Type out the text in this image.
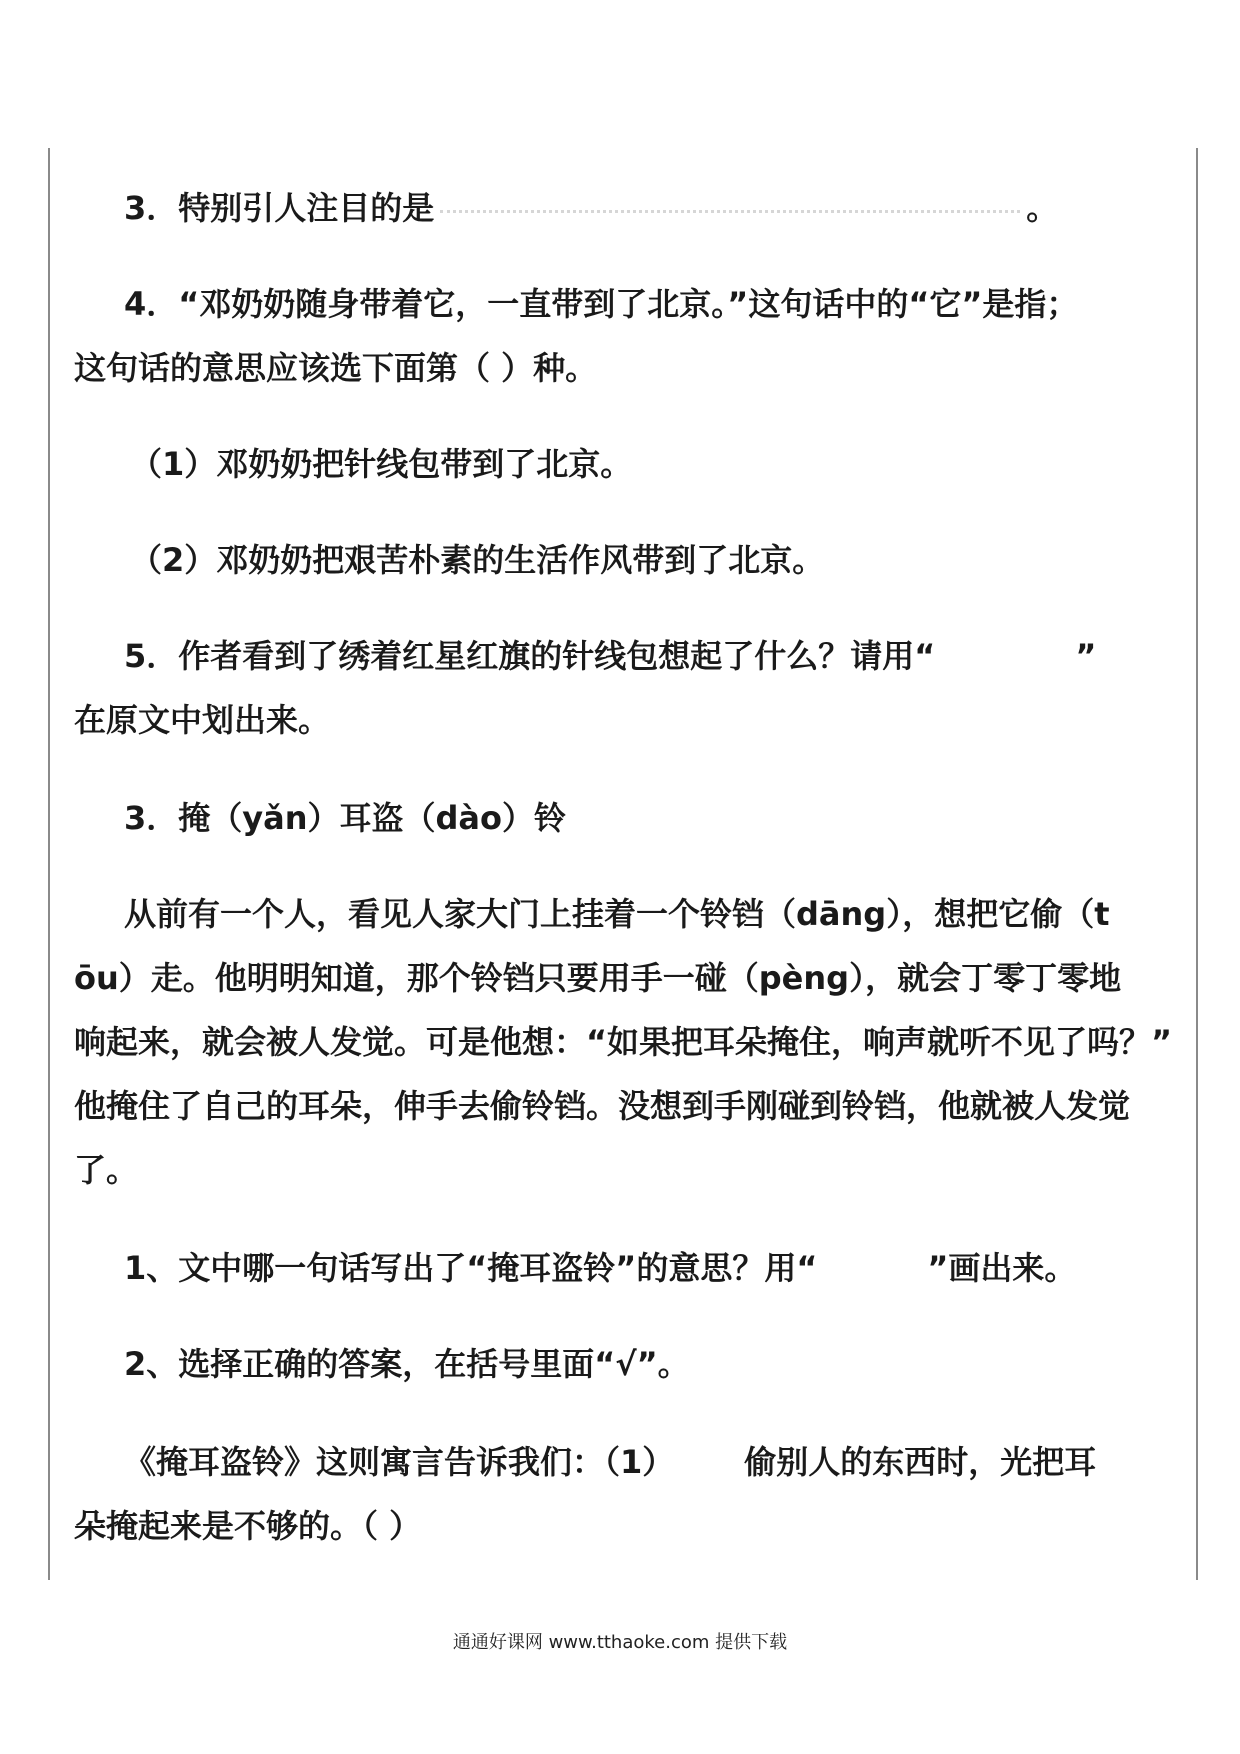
3．特别引人注目的是	。

4．“邓奶奶随身带着它，一直带到了北京。”这句话中的“它”是指；

这句话的意思应该选下面第（ ）种。

（1）邓奶奶把针线包带到了北京。

（2）邓奶奶把艰苦朴素的生活作风带到了北京。

5．作者看到了绣着红星红旗的针线包想起了什么？请用“	”

在原文中划出来。

3．掩（yǎn）耳盗（dào）铃

从前有一个人，看见人家大门上挂着一个铃铛（dāng），想把它偷（t

ōu）走。他明明知道，那个铃铛只要用手一碰（pèng），就会丁零丁零地

响起来，就会被人发觉。可是他想：“如果把耳朵掩住，响声就听不见了吗？”

他掩住了自己的耳朵，伸手去偷铃铛。没想到手刚碰到铃铛，他就被人发觉

了。

1、文中哪一句话写出了“掩耳盗铃”的意思？用“	”画出来。

2、选择正确的答案，在括号里面“√”。

《掩耳盗铃》这则寓言告诉我们：（1） 偷别人的东西时，光把耳

朵掩起来是不够的。（ ）

通通好课网 www.tthaoke.com 提供下载
